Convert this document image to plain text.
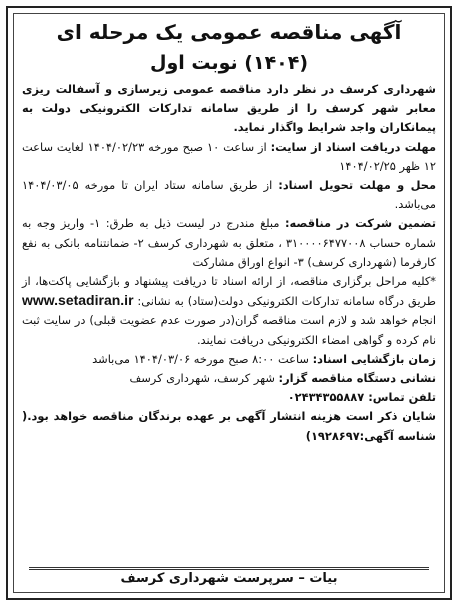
آگهی مناقصه عمومی یک مرحله ای
(۱۴۰۴) نوبت اول

شهرداری کرسف در نظر دارد مناقصه عمومی زیرسازی و آسفالت ریزی معابر شهر کرسف را از طریق سامانه تدارکات الکترونیکی دولت به پیمانکاران واجد شرایط واگذار نماید.

مهلت دریافت اسناد از سایت: از ساعت ۱۰ صبح مورخه ۱۴۰۴/۰۲/۲۳ لغایت ساعت ۱۲ ظهر ۱۴۰۴/۰۲/۲۵

محل و مهلت تحویل اسناد: از طریق سامانه ستاد ایران تا مورخه ۱۴۰۴/۰۳/۰۵ می‌باشد.

تضمین شرکت در مناقصه: مبلغ مندرج در لیست ذیل به طرق: ۱- واریز وجه به شماره حساب ۳۱۰۰۰۰۶۴۷۷۰۰۸ ، متعلق به شهرداری کرسف ۲- ضمانتنامه بانکی به نفع کارفرما (شهرداری کرسف) ۳- انواع اوراق مشارکت

*کلیه مراحل برگزاری مناقصه، از ارائه اسناد تا دریافت پیشنهاد و بازگشایی پاکت‌ها، از طریق درگاه سامانه تدارکات الکترونیکی دولت(ستاد) به نشانی: www.setadiran.ir انجام خواهد شد و لازم است مناقصه گران(در صورت عدم عضویت قبلی) در سایت ثبت نام کرده و گواهی امضاء الکترونیکی دریافت نمایند.

زمان بازگشایی اسناد: ساعت ۸:۰۰ صبح مورخه ۱۴۰۴/۰۳/۰۶ می‌باشد

نشانی دستگاه مناقصه گزار: شهر کرسف، شهرداری کرسف

تلفن تماس: ۰۲۴۳۴۳۵۵۸۸۷

شایان ذکر است هزینه انتشار آگهی بر عهده برندگان مناقصه خواهد بود.( شناسه آگهی:۱۹۲۸۶۹۷)

بیات – سرپرست شهرداری کرسف
